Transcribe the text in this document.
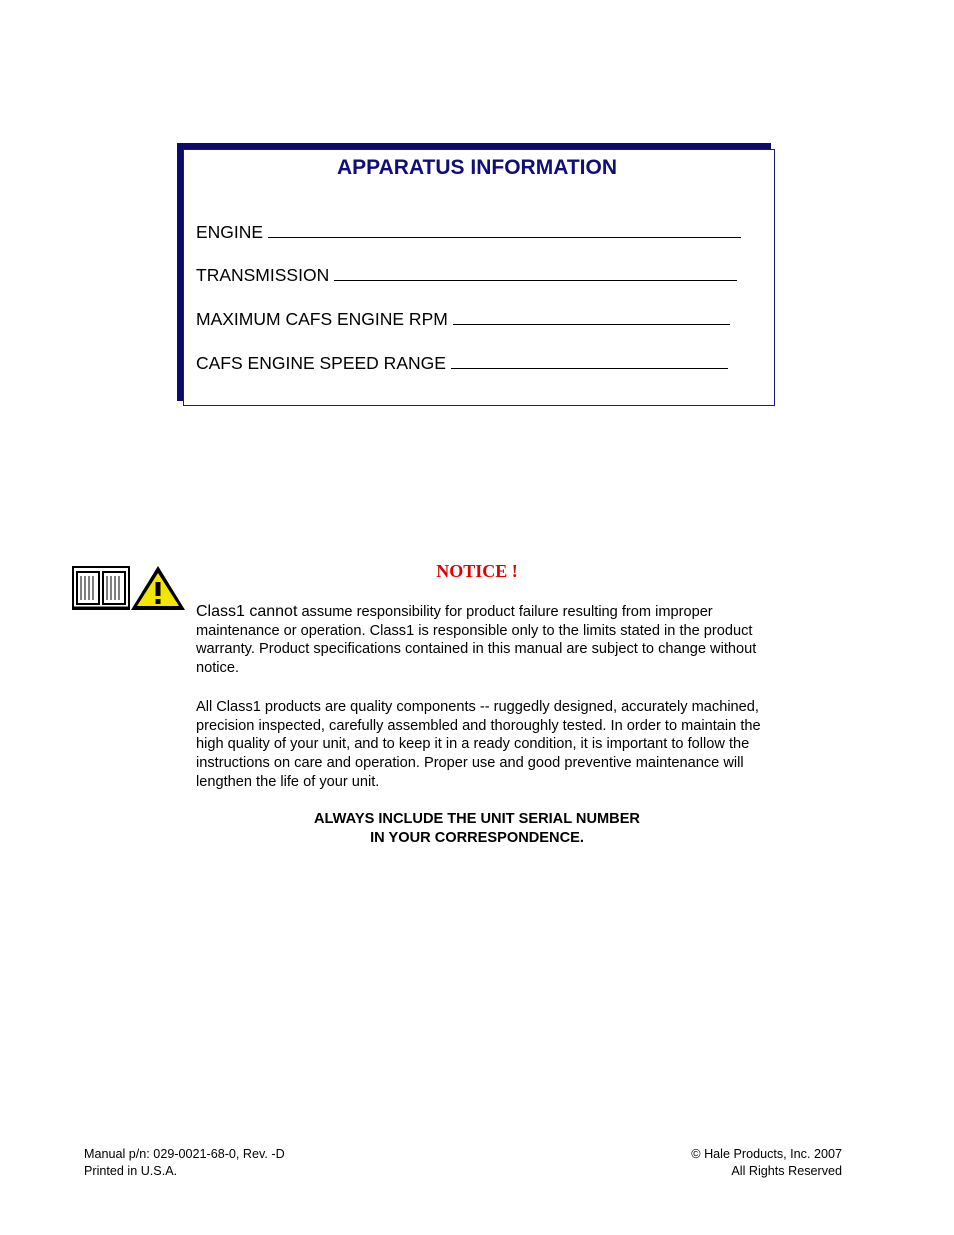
APPARATUS INFORMATION
ENGINE
TRANSMISSION
MAXIMUM CAFS ENGINE RPM
CAFS ENGINE SPEED RANGE
NOTICE !
Class1 cannot assume responsibility for product failure resulting from improper maintenance or operation. Class1 is responsible only to the limits stated in the product warranty. Product specifications contained in this manual are subject to change without notice.
All Class1 products are quality components -- ruggedly designed, accurately machined, precision inspected, carefully assembled and thoroughly tested. In order to maintain the high quality of your unit, and to keep it in a ready condition, it is important to follow the instructions on care and operation. Proper use and good preventive maintenance will lengthen the life of your unit.
ALWAYS INCLUDE THE UNIT SERIAL NUMBER
IN YOUR CORRESPONDENCE.
Manual p/n: 029-0021-68-0, Rev. -D
Printed in U.S.A.
© Hale Products, Inc. 2007
All Rights Reserved
